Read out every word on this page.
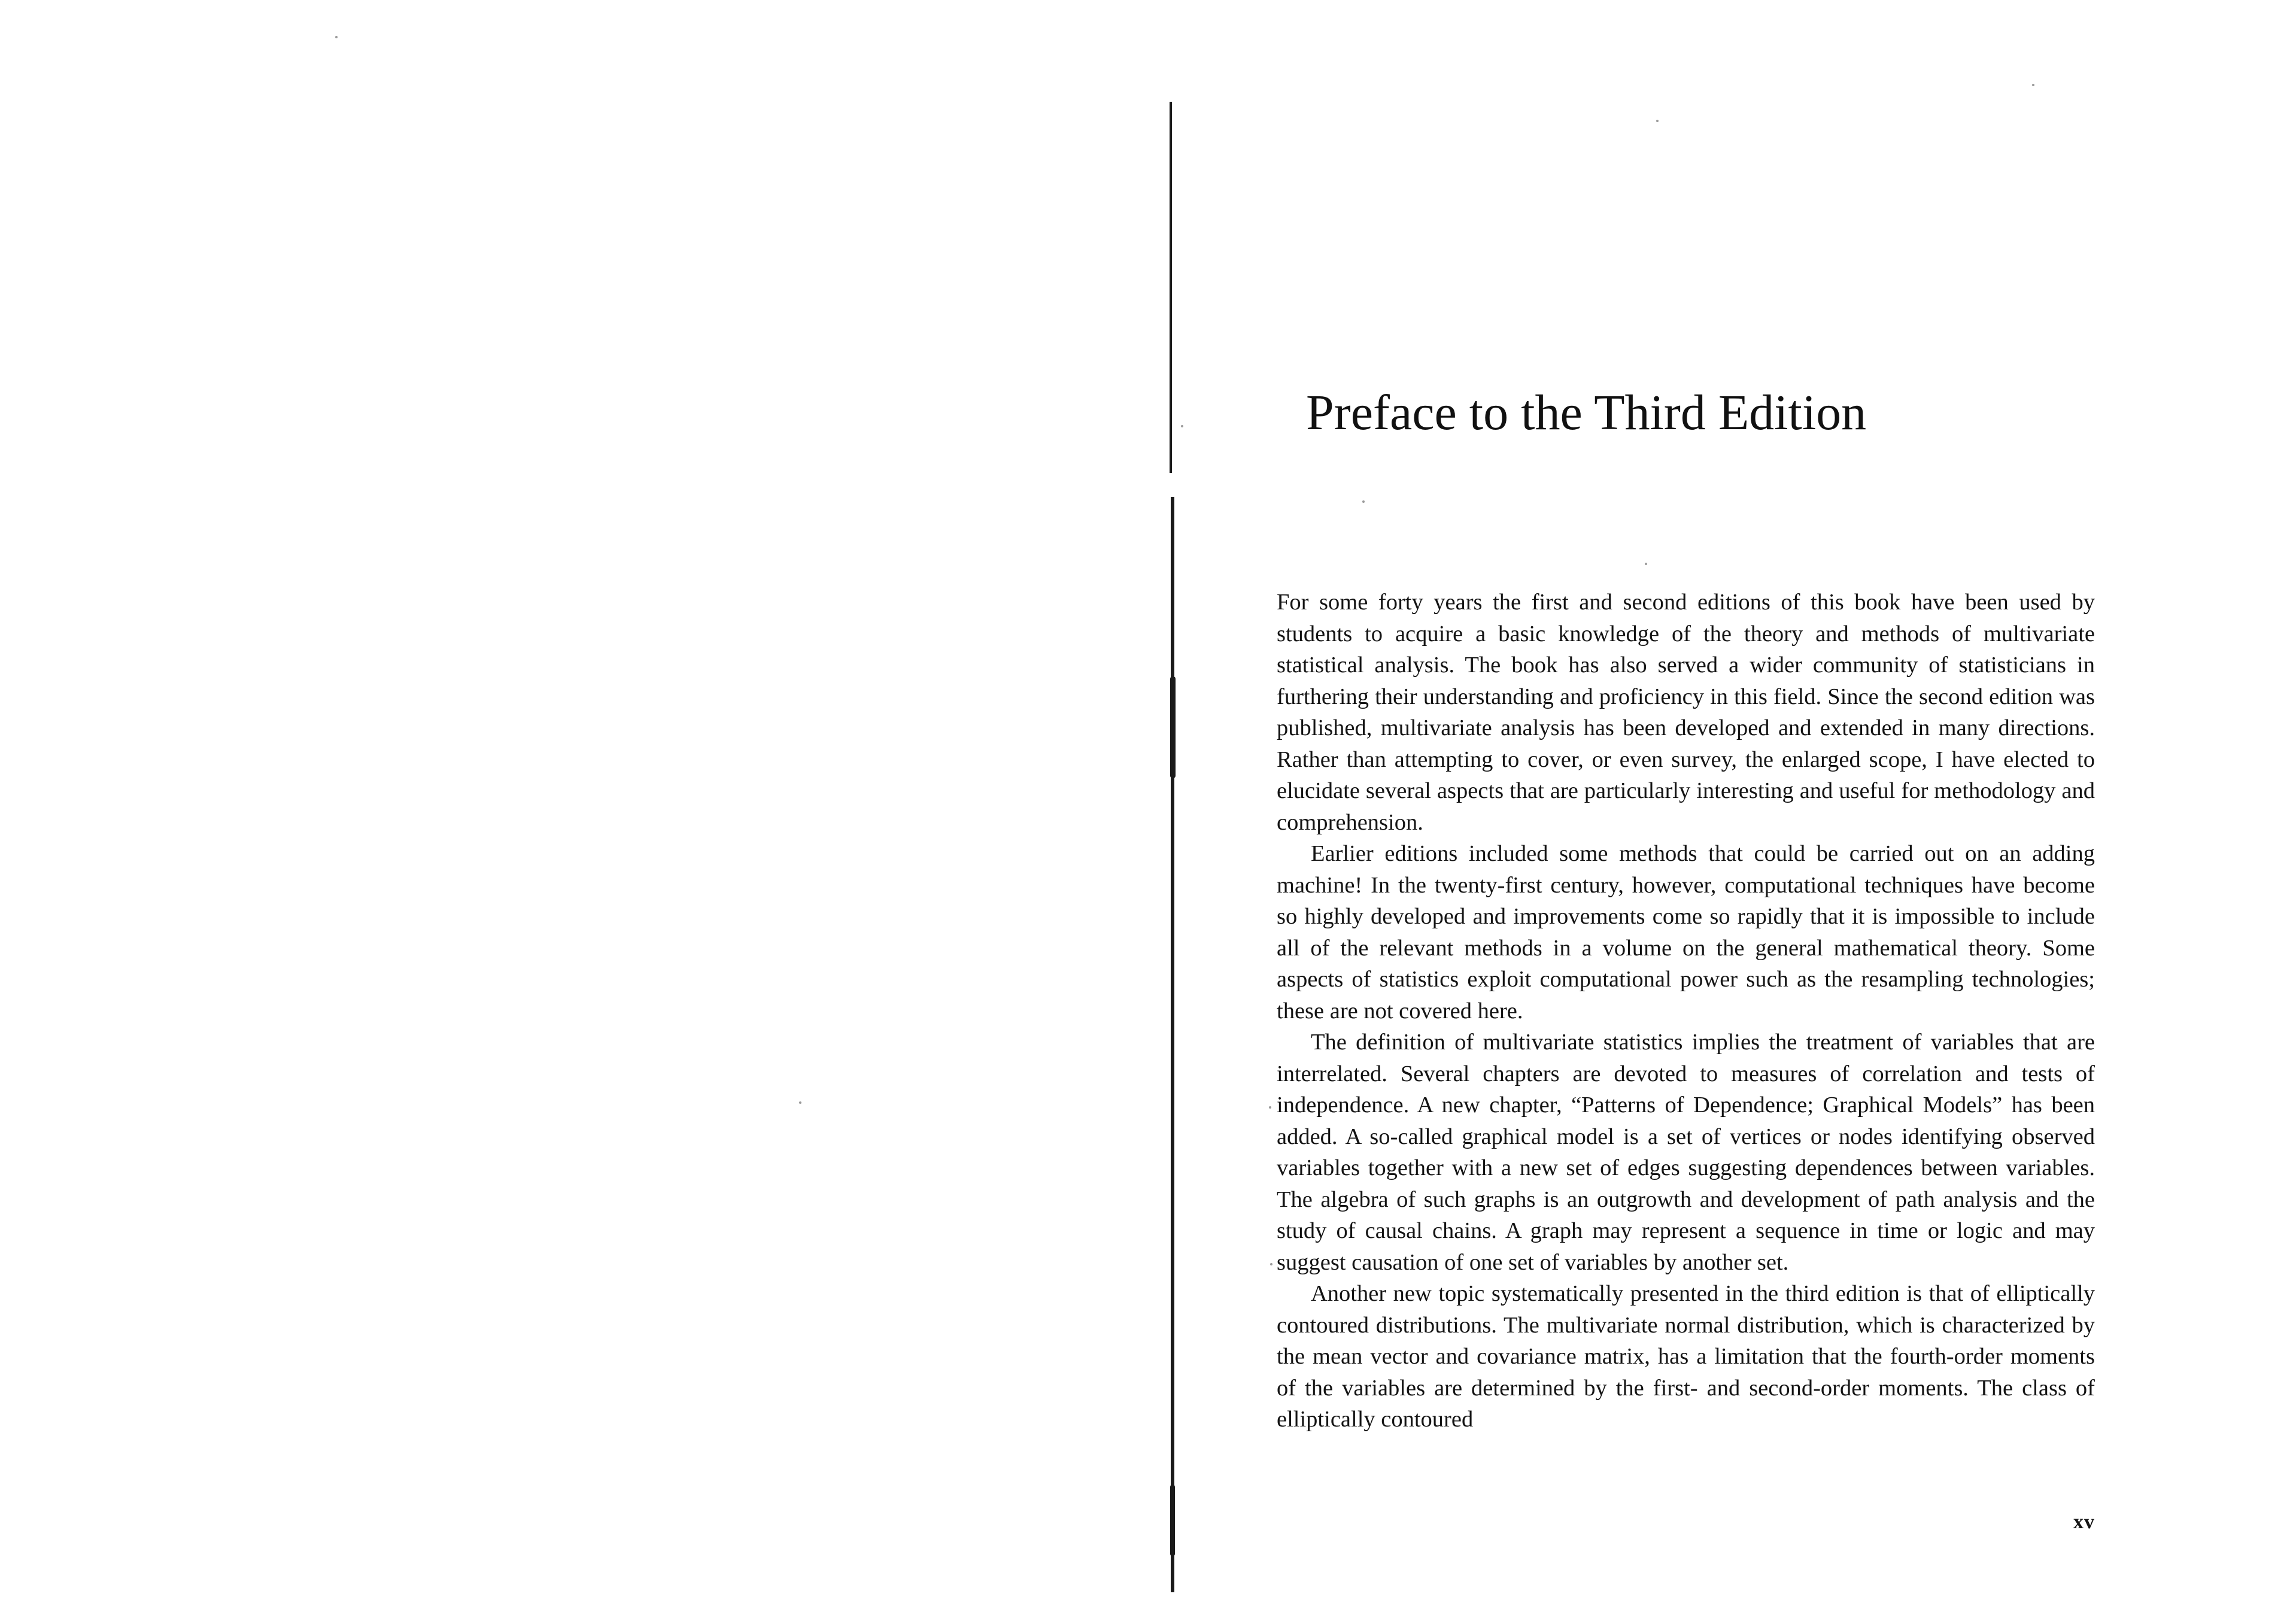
Preface to the Third Edition

For some forty years the first and second editions of this book have been used by students to acquire a basic knowledge of the theory and methods of multivariate statistical analysis. The book has also served a wider community of statisticians in furthering their understanding and proficiency in this field. Since the second edition was published, multivariate analysis has been developed and extended in many directions. Rather than attempting to cover, or even survey, the enlarged scope, I have elected to elucidate several aspects that are particularly interesting and useful for methodology and comprehension.

Earlier editions included some methods that could be carried out on an adding machine! In the twenty-first century, however, computational techniques have become so highly developed and improvements come so rapidly that it is impossible to include all of the relevant methods in a volume on the general mathematical theory. Some aspects of statistics exploit computational power such as the resampling technologies; these are not covered here.

The definition of multivariate statistics implies the treatment of variables that are interrelated. Several chapters are devoted to measures of correlation and tests of independence. A new chapter, “Patterns of Dependence; Graphical Models” has been added. A so-called graphical model is a set of vertices or nodes identifying observed variables together with a new set of edges suggesting dependences between variables. The algebra of such graphs is an outgrowth and development of path analysis and the study of causal chains. A graph may represent a sequence in time or logic and may suggest causation of one set of variables by another set.

Another new topic systematically presented in the third edition is that of elliptically contoured distributions. The multivariate normal distribution, which is characterized by the mean vector and covariance matrix, has a limitation that the fourth-order moments of the variables are determined by the first- and second-order moments. The class of elliptically contoured

xv
